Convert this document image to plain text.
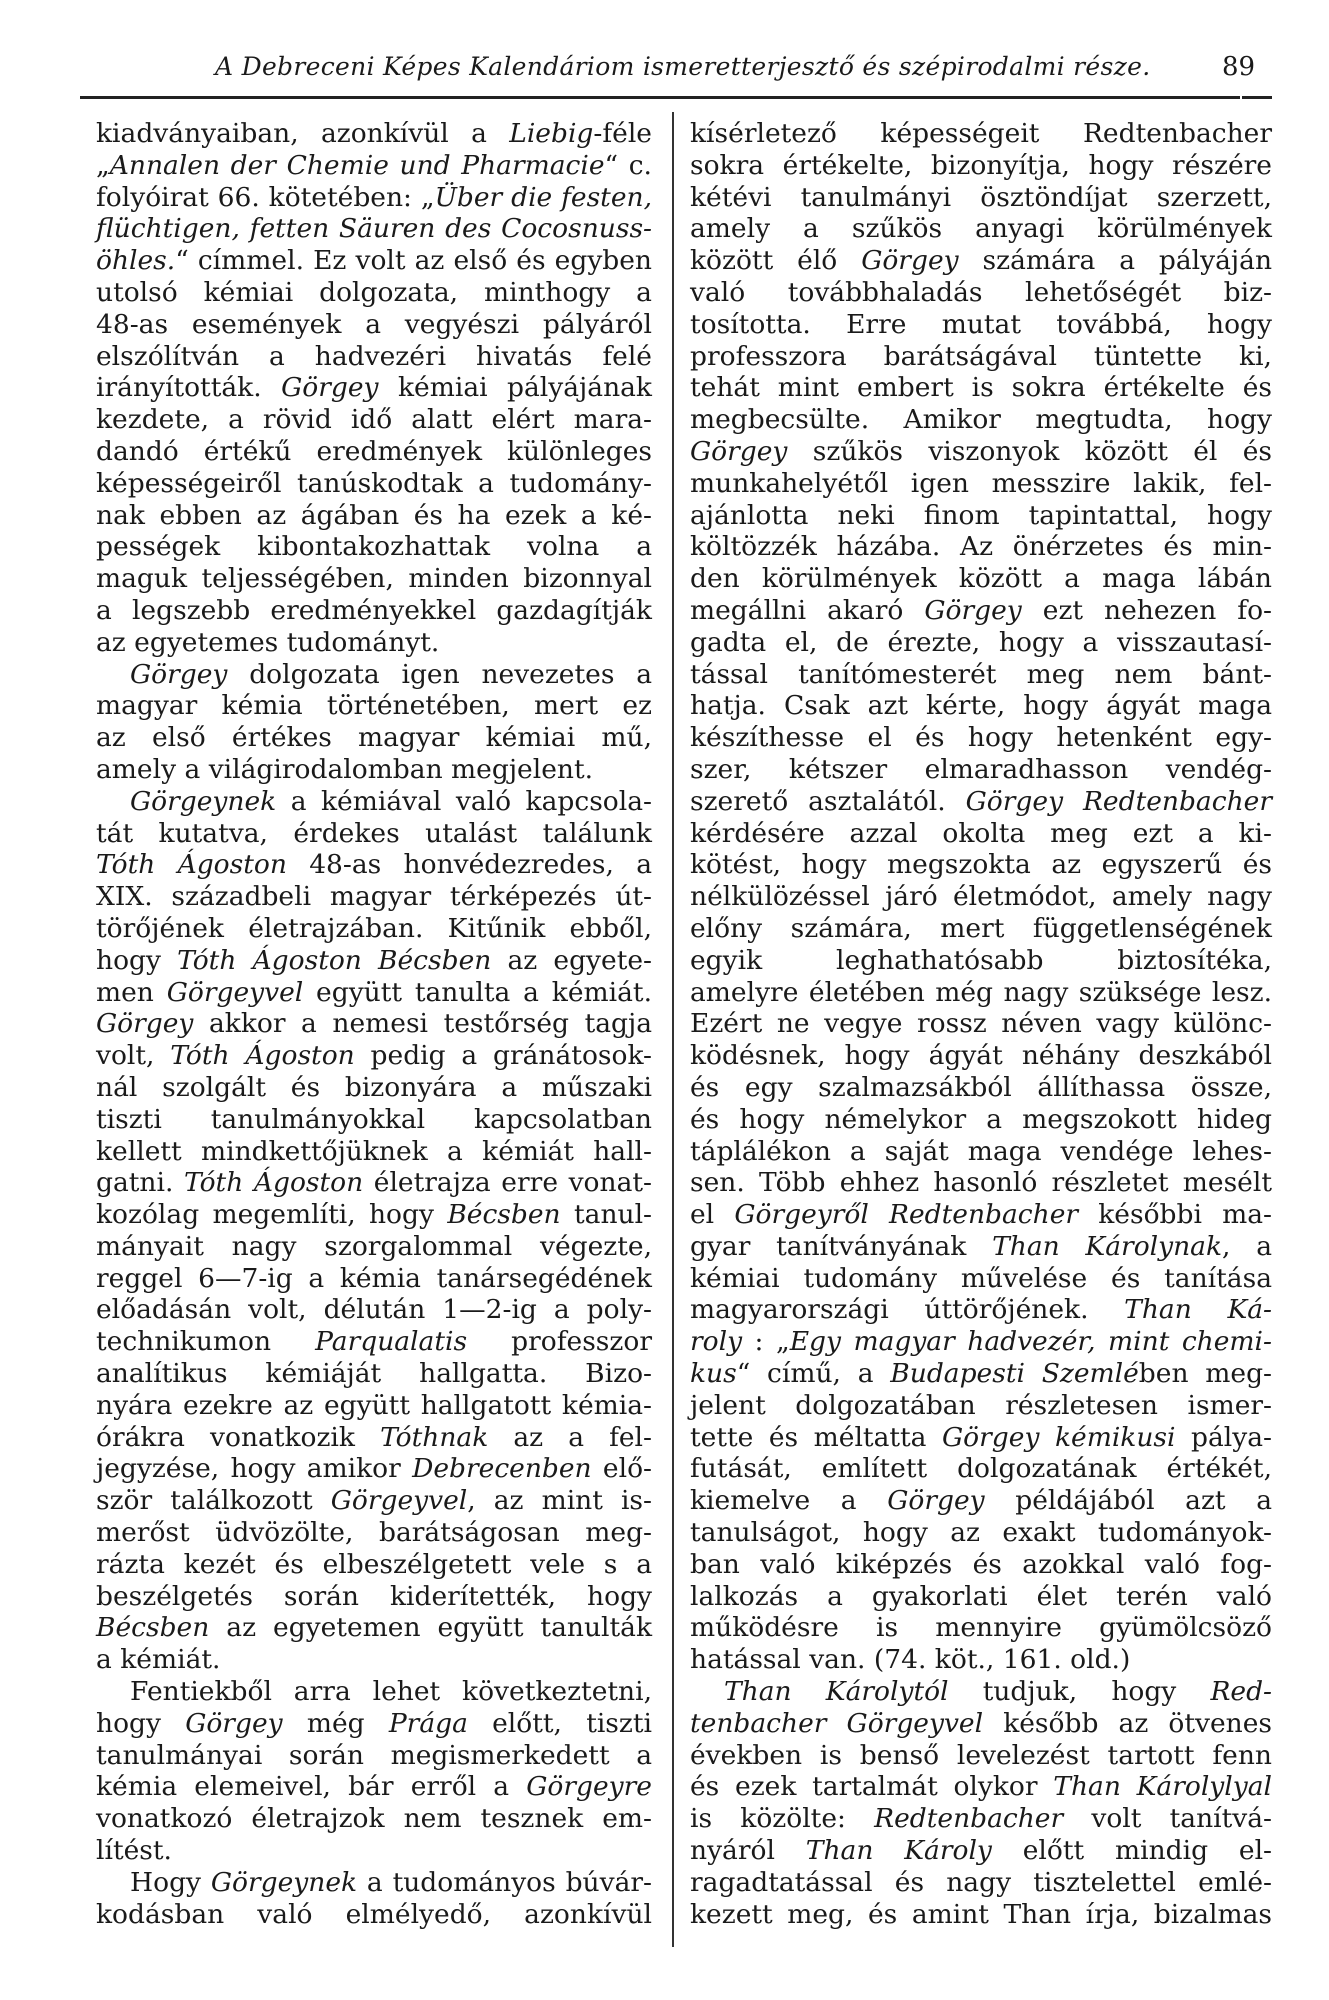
A Debreceni Képes Kalendáriom ismeretterjesztő és szépirodalmi része.	89
kiadványaiban, azonkívül a Liebig-féle
„Annalen der Chemie und Pharmacie“ c.
folyóirat 66. kötetében: „Über die festen,
flüchtigen, fetten Säuren des Cocosnuss-
öhles.“ címmel. Ez volt az első és egyben
utolsó kémiai dolgozata, minthogy a
48-as események a vegyészi pályáról
elszólítván a hadvezéri hivatás felé
irányították. Görgey kémiai pályájának
kezdete, a rövid idő alatt elért mara-
dandó értékű eredmények különleges
képességeiről tanúskodtak a tudomány-
nak ebben az ágában és ha ezek a ké-
pességek kibontakozhattak volna a
maguk teljességében, minden bizonnyal
a legszebb eredményekkel gazdagítják
az egyetemes tudományt.
Görgey dolgozata igen nevezetes a
magyar kémia történetében, mert ez
az első értékes magyar kémiai mű,
amely a világirodalomban megjelent.
Görgeynek a kémiával való kapcsola-
tát kutatva, érdekes utalást találunk
Tóth Ágoston 48-as honvédezredes, a
XIX. századbeli magyar térképezés út-
törőjének életrajzában. Kitűnik ebből,
hogy Tóth Ágoston Bécsben az egyete-
men Görgeyvel együtt tanulta a kémiát.
Görgey akkor a nemesi testőrség tagja
volt, Tóth Ágoston pedig a gránátosok-
nál szolgált és bizonyára a műszaki
tiszti tanulmányokkal kapcsolatban
kellett mindkettőjüknek a kémiát hall-
gatni. Tóth Ágoston életrajza erre vonat-
kozólag megemlíti, hogy Bécsben tanul-
mányait nagy szorgalommal végezte,
reggel 6—7-ig a kémia tanársegédének
előadásán volt, délután 1—2-ig a poly-
technikumon Parqualatis professzor
analítikus kémiáját hallgatta. Bizo-
nyára ezekre az együtt hallgatott kémia-
órákra vonatkozik Tóthnak az a fel-
jegyzése, hogy amikor Debrecenben elő-
ször találkozott Görgeyvel, az mint is-
merőst üdvözölte, barátságosan meg-
rázta kezét és elbeszélgetett vele s a
beszélgetés során kiderítették, hogy
Bécsben az egyetemen együtt tanulták
a kémiát.
Fentiekből arra lehet következtetni,
hogy Görgey még Prága előtt, tiszti
tanulmányai során megismerkedett a
kémia elemeivel, bár erről a Görgeyre
vonatkozó életrajzok nem tesznek em-
lítést.
Hogy Görgeynek a tudományos búvár-
kodásban való elmélyedő, azonkívül
kísérletező képességeit Redtenbacher
sokra értékelte, bizonyítja, hogy részére
kétévi tanulmányi ösztöndíjat szerzett,
amely a szűkös anyagi körülmények
között élő Görgey számára a pályáján
való továbbhaladás lehetőségét biz-
tosította. Erre mutat továbbá, hogy
professzora barátságával tüntette ki,
tehát mint embert is sokra értékelte és
megbecsülte. Amikor megtudta, hogy
Görgey szűkös viszonyok között él és
munkahelyétől igen messzire lakik, fel-
ajánlotta neki finom tapintattal, hogy
költözzék házába. Az önérzetes és min-
den körülmények között a maga lábán
megállni akaró Görgey ezt nehezen fo-
gadta el, de érezte, hogy a visszautasí-
tással tanítómesterét meg nem bánt-
hatja. Csak azt kérte, hogy ágyát maga
készíthesse el és hogy hetenként egy-
szer, kétszer elmaradhasson vendég-
szerető asztalától. Görgey Redtenbacher
kérdésére azzal okolta meg ezt a ki-
kötést, hogy megszokta az egyszerű és
nélkülözéssel járó életmódot, amely nagy
előny számára, mert függetlenségének
egyik leghathatósabb biztosítéka,
amelyre életében még nagy szüksége lesz.
Ezért ne vegye rossz néven vagy különc-
ködésnek, hogy ágyát néhány deszkából
és egy szalmazsákból állíthassa össze,
és hogy némelykor a megszokott hideg
táplálékon a saját maga vendége lehes-
sen. Több ehhez hasonló részletet mesélt
el Görgeyről Redtenbacher későbbi ma-
gyar tanítványának Than Károlynak, a
kémiai tudomány művelése és tanítása
magyarországi úttörőjének. Than Ká-
roly : „Egy magyar hadvezér, mint chemi-
kus“ című, a Budapesti Szemlében meg-
jelent dolgozatában részletesen ismer-
tette és méltatta Görgey kémikusi pálya-
futását, említett dolgozatának értékét,
kiemelve a Görgey példájából azt a
tanulságot, hogy az exakt tudományok-
ban való kiképzés és azokkal való fog-
lalkozás a gyakorlati élet terén való
működésre is mennyire gyümölcsöző
hatással van. (74. köt., 161. old.)
Than Károlytól tudjuk, hogy Red-
tenbacher Görgeyvel később az ötvenes
években is benső levelezést tartott fenn
és ezek tartalmát olykor Than Károlylyal
is közölte: Redtenbacher volt tanítvá-
nyáról Than Károly előtt mindig el-
ragadtatással és nagy tisztelettel emlé-
kezett meg, és amint Than írja, bizalmas
